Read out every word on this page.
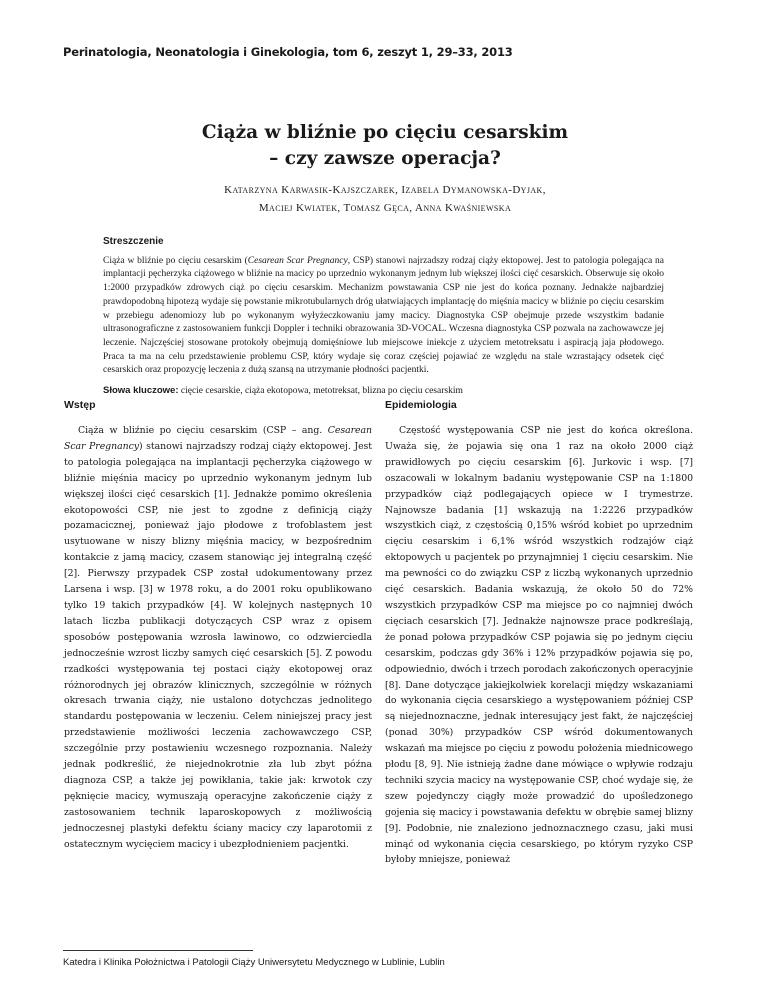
Perinatologia, Neonatologia i Ginekologia, tom 6, zeszyt 1, 29–33, 2013
Ciąża w bliźnie po cięciu cesarskim
– czy zawsze operacja?
Katarzyna Karwasik-Kajszczarek, Izabela Dymanowska-Dyjak,
Maciej Kwiatek, Tomasz Gęca, Anna Kwaśniewska
Streszczenie
Ciąża w bliźnie po cięciu cesarskim (Cesarean Scar Pregnancy, CSP) stanowi najrzadszy rodzaj ciąży ektopowej. Jest to patologia polegająca na implantacji pęcherzyka ciążowego w bliźnie na macicy po uprzednio wykonanym jednym lub większej ilości cięć cesarskich. Obserwuje się około 1:2000 przypadków zdrowych ciąż po cięciu cesarskim. Mechanizm powstawania CSP nie jest do końca poznany. Jednakże najbardziej prawdopodobną hipotezą wydaje się powstanie mikrotubularnych dróg ułatwiających implantację do mięśnia macicy w bliźnie po cięciu cesarskim w przebiegu adenomiozy lub po wykonanym wyłyżeczkowaniu jamy macicy. Diagnostyka CSP obejmuje przede wszystkim badanie ultrasonograficzne z zastosowaniem funkcji Doppler i techniki obrazowania 3D-VOCAL. Wczesna diagnostyka CSP pozwala na zachowawcze jej leczenie. Najczęściej stosowane protokoły obejmują domięśniowe lub miejscowe iniekcje z użyciem metotreksatu i aspiracją jaja płodowego. Praca ta ma na celu przedstawienie problemu CSP, który wydaje się coraz częściej pojawiać ze względu na stale wzrastający odsetek cięć cesarskich oraz propozycję leczenia z dużą szansą na utrzymanie płodności pacjentki.
Słowa kluczowe: cięcie cesarskie, ciąża ekotopowa, metotreksat, blizna po cięciu cesarskim
Wstęp

Ciąża w bliźnie po cięciu cesarskim (CSP – ang. Cesarean Scar Pregnancy) stanowi najrzadszy rodzaj ciąży ektopowej. Jest to patologia polegająca na implantacji pęcherzyka ciążowego w bliźnie mięśnia macicy po uprzednio wykonanym jednym lub większej ilości cięć cesarskich [1]. Jednakże pomimo określenia ekotopowości CSP, nie jest to zgodne z definicją ciąży pozamacicznej, ponieważ jajo płodowe z trofoblastem jest usytuowane w niszy blizny mięśnia macicy, w bezpośrednim kontakcie z jamą macicy, czasem stanowiąc jej integralną część [2]. Pierwszy przypadek CSP został udokumentowany przez Larsena i wsp. [3] w 1978 roku, a do 2001 roku opublikowano tylko 19 takich przypadków [4]. W kolejnych następnych 10 latach liczba publikacji dotyczących CSP wraz z opisem sposobów postępowania wzrosła lawinowo, co odzwierciedla jednocześnie wzrost liczby samych cięć cesarskich [5]. Z powodu rzadkości występowania tej postaci ciąży ekotopowej oraz różnorodnych jej obrazów klinicznych, szczególnie w różnych okresach trwania ciąży, nie ustalono dotychczas jednolitego standardu postępowania w leczeniu. Celem niniejszej pracy jest przedstawienie możliwości leczenia zachowawczego CSP, szczególnie przy postawieniu wczesnego rozpoznania. Należy jednak podkreślić, że niejednokrotnie zła lub zbyt późna diagnoza CSP, a także jej powikłania, takie jak: krwotok czy pęknięcie macicy, wymuszają operacyjne zakończenie ciąży z zastosowaniem technik laparoskopowych z możliwością jednoczesnej plastyki defektu ściany macicy czy laparotomii z ostatecznym wycięciem macicy i ubezpłodnieniem pacjentki.

Epidemiologia

Częstość występowania CSP nie jest do końca określona. Uważa się, że pojawia się ona 1 raz na około 2000 ciąż prawidłowych po cięciu cesarskim [6]. Jurkovic i wsp. [7] oszacowali w lokalnym badaniu występowanie CSP na 1:1800 przypadków ciąż podlegających opiece w I trymestrze. Najnowsze badania [1] wskazują na 1:2226 przypadków wszystkich ciąż, z częstością 0,15% wśród kobiet po uprzednim cięciu cesarskim i 6,1% wśród wszystkich rodzajów ciąż ektopowych u pacjentek po przynajmniej 1 cięciu cesarskim. Nie ma pewności co do związku CSP z liczbą wykonanych uprzednio cięć cesarskich. Badania wskazują, że około 50 do 72% wszystkich przypadków CSP ma miejsce po co najmniej dwóch cięciach cesarskich [7]. Jednakże najnowsze prace podkreślają, że ponad połowa przypadków CSP pojawia się po jednym cięciu cesarskim, podczas gdy 36% i 12% przypadków pojawia się po, odpowiednio, dwóch i trzech porodach zakończonych operacyjnie [8]. Dane dotyczące jakiejkolwiek korelacji między wskazaniami do wykonania cięcia cesarskiego a występowaniem później CSP są niejednoznaczne, jednak interesujący jest fakt, że najczęściej (ponad 30%) przypadków CSP wśród dokumentowanych wskazań ma miejsce po cięciu z powodu położenia miednicowego płodu [8, 9]. Nie istnieją żadne dane mówiące o wpływie rodzaju techniki szycia macicy na występowanie CSP, choć wydaje się, że szew pojedynczy ciągły może prowadzić do upośledzonego gojenia się macicy i powstawania defektu w obrębie samej blizny [9]. Podobnie, nie znaleziono jednoznacznego czasu, jaki musi minąć od wykonania cięcia cesarskiego, po którym ryzyko CSP byłoby mniejsze, ponieważ

Katedra i Klinika Położnictwa i Patologii Ciąży Uniwersytetu Medycznego w Lublinie, Lublin
